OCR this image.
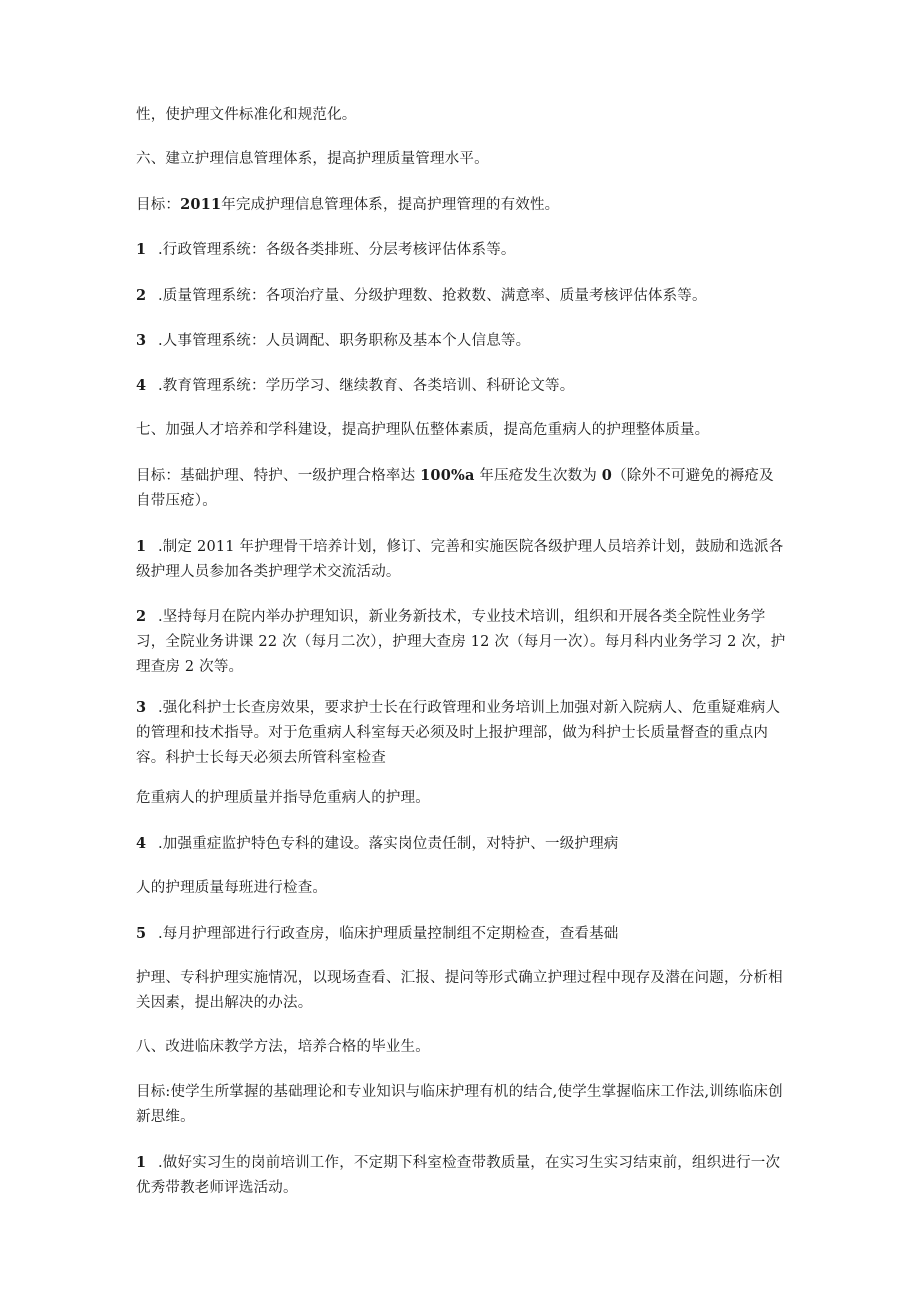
性，使护理文件标准化和规范化。

六、建立护理信息管理体系，提高护理质量管理水平。

目标：2011年完成护理信息管理体系，提高护理管理的有效性。

1 .行政管理系统：各级各类排班、分层考核评估体系等。

2 .质量管理系统：各项治疗量、分级护理数、抢救数、满意率、质量考核评估体系等。

3 .人事管理系统：人员调配、职务职称及基本个人信息等。

4 .教育管理系统：学历学习、继续教育、各类培训、科研论文等。

七、加强人才培养和学科建设，提高护理队伍整体素质，提高危重病人的护理整体质量。

目标：基础护理、特护、一级护理合格率达 100%a 年压疮发生次数为 0（除外不可避免的褥疮及自带压疮）。

1 .制定 2011 年护理骨干培养计划，修订、完善和实施医院各级护理人员培养计划，鼓励和选派各级护理人员参加各类护理学术交流活动。

2 .坚持每月在院内举办护理知识，新业务新技术，专业技术培训，组织和开展各类全院性业务学习，全院业务讲课 22 次（每月二次），护理大查房 12 次（每月一次）。每月科内业务学习 2 次，护理查房 2 次等。

3 .强化科护士长查房效果，要求护士长在行政管理和业务培训上加强对新入院病人、危重疑难病人的管理和技术指导。对于危重病人科室每天必须及时上报护理部，做为科护士长质量督查的重点内容。科护士长每天必须去所管科室检查

危重病人的护理质量并指导危重病人的护理。

4 .加强重症监护特色专科的建设。落实岗位责任制，对特护、一级护理病

人的护理质量每班进行检查。

5 .每月护理部进行行政查房，临床护理质量控制组不定期检查，查看基础

护理、专科护理实施情况，以现场查看、汇报、提问等形式确立护理过程中现存及潜在问题，分析相关因素，提出解决的办法。

八、改进临床教学方法，培养合格的毕业生。

目标:使学生所掌握的基础理论和专业知识与临床护理有机的结合,使学生掌握临床工作法,训练临床创新思维。

1 .做好实习生的岗前培训工作，不定期下科室检查带教质量，在实习生实习结束前，组织进行一次优秀带教老师评选活动。
